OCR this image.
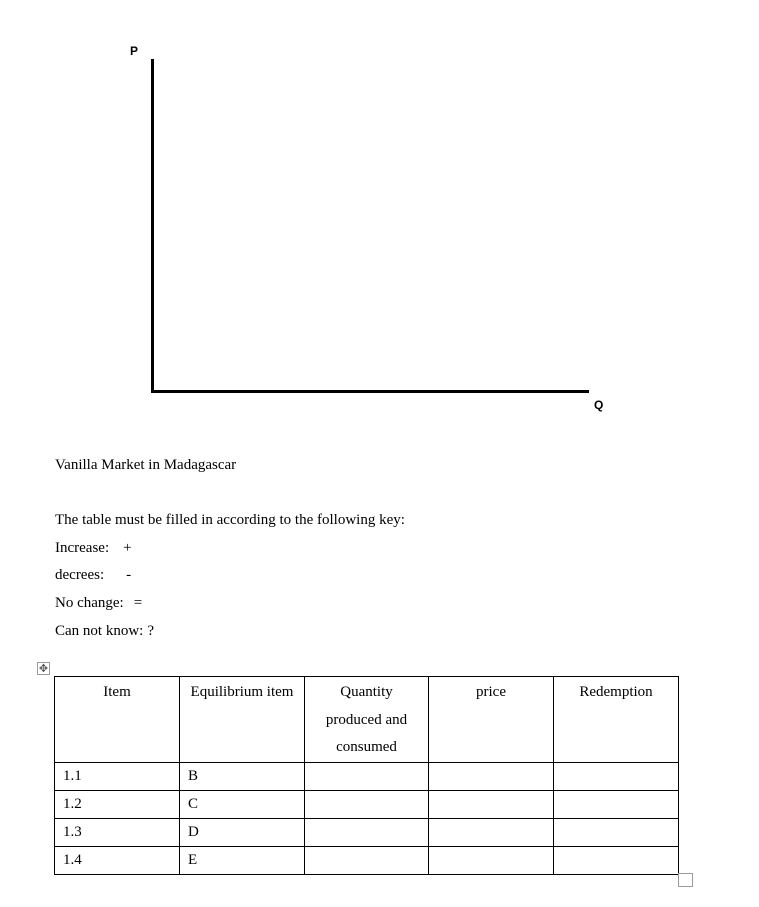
P
Q
Vanilla Market in Madagascar
The table must be filled in according to the following key:
Increase: +
decrees: -
No change: =
Can not know: ?
✥
Item	Equilibrium item	Quantity produced and consumed	price	Redemption

1.1	B			

1.2	C			

1.3	D			

1.4	E			
